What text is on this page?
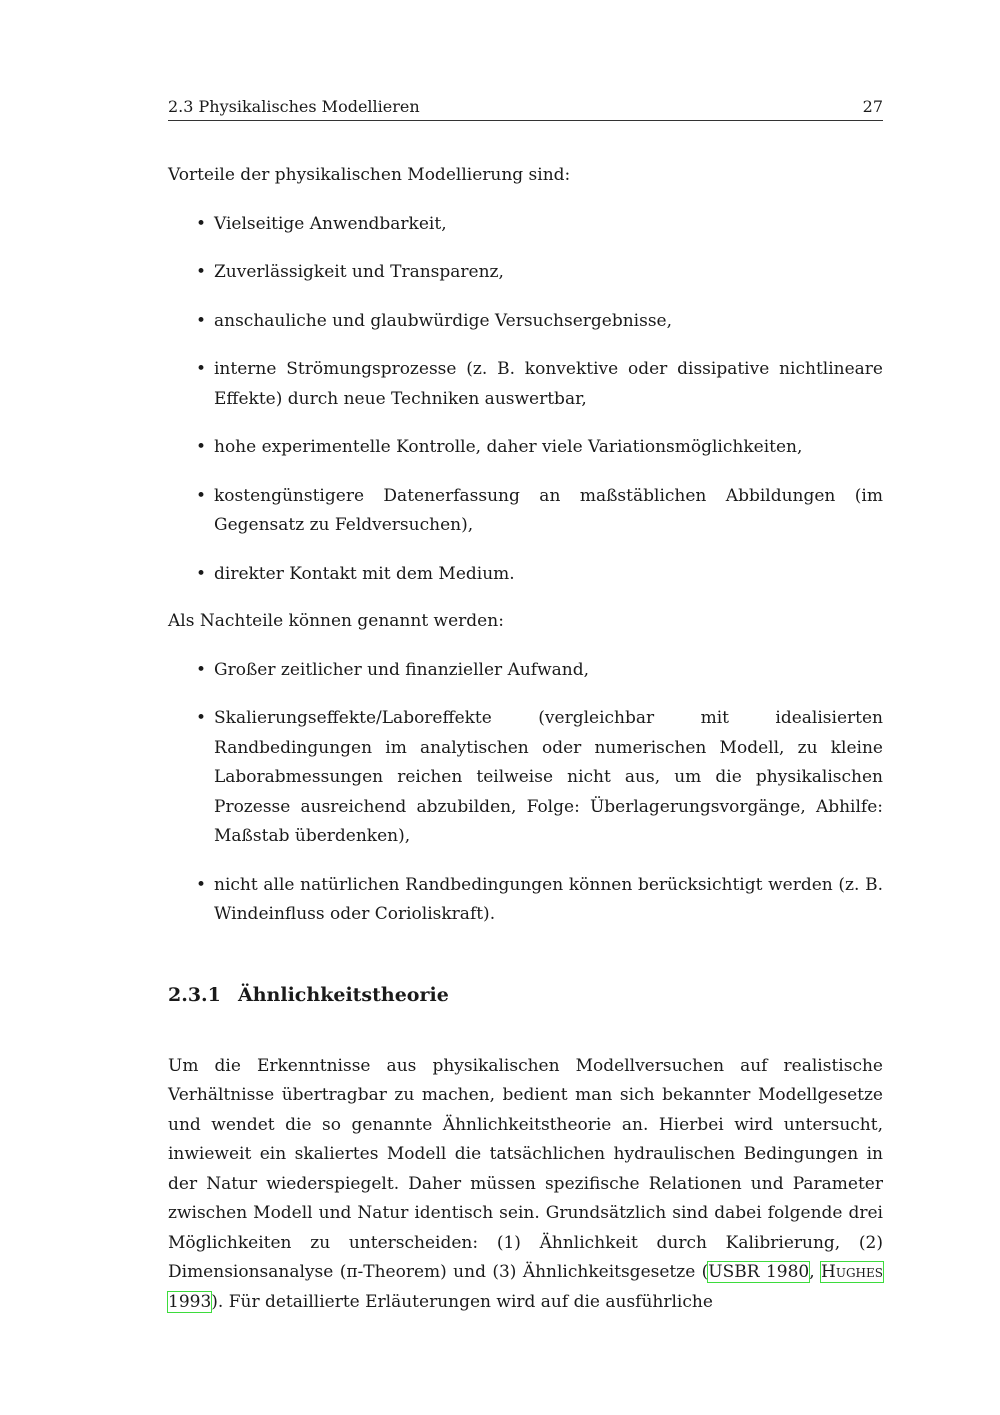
2.3 Physikalisches Modellieren	27

Vorteile der physikalischen Modellierung sind:

• Vielseitige Anwendbarkeit,
• Zuverlässigkeit und Transparenz,
• anschauliche und glaubwürdige Versuchsergebnisse,
• interne Strömungsprozesse (z. B. konvektive oder dissipative nichtlineare Effekte) durch neue Techniken auswertbar,
• hohe experimentelle Kontrolle, daher viele Variationsmöglichkeiten,
• kostengünstigere Datenerfassung an maßstäblichen Abbildungen (im Gegensatz zu Feldversuchen),
• direkter Kontakt mit dem Medium.

Als Nachteile können genannt werden:

• Großer zeitlicher und finanzieller Aufwand,
• Skalierungseffekte/Laboreffekte (vergleichbar mit idealisierten Randbedingungen im analytischen oder numerischen Modell, zu kleine Laborabmessungen reichen teilweise nicht aus, um die physikalischen Prozesse ausreichend abzubilden, Folge: Überlagerungsvorgänge, Abhilfe: Maßstab überdenken),
• nicht alle natürlichen Randbedingungen können berücksichtigt werden (z. B. Windeinfluss oder Corioliskraft).
2.3.1 Ähnlichkeitstheorie

Um die Erkenntnisse aus physikalischen Modellversuchen auf realistische Verhältnisse übertragbar zu machen, bedient man sich bekannter Modellgesetze und wendet die so genannte Ähnlichkeitstheorie an. Hierbei wird untersucht, inwieweit ein skaliertes Modell die tatsächlichen hydraulischen Bedingungen in der Natur wiederspiegelt. Daher müssen spezifische Relationen und Parameter zwischen Modell und Natur identisch sein. Grundsätzlich sind dabei folgende drei Möglichkeiten zu unterscheiden: (1) Ähnlichkeit durch Kalibrierung, (2) Dimensionsanalyse (π-Theorem) und (3) Ähnlichkeitsgesetze (USBR 1980, Hughes 1993). Für detaillierte Erläuterungen wird auf die ausführliche
